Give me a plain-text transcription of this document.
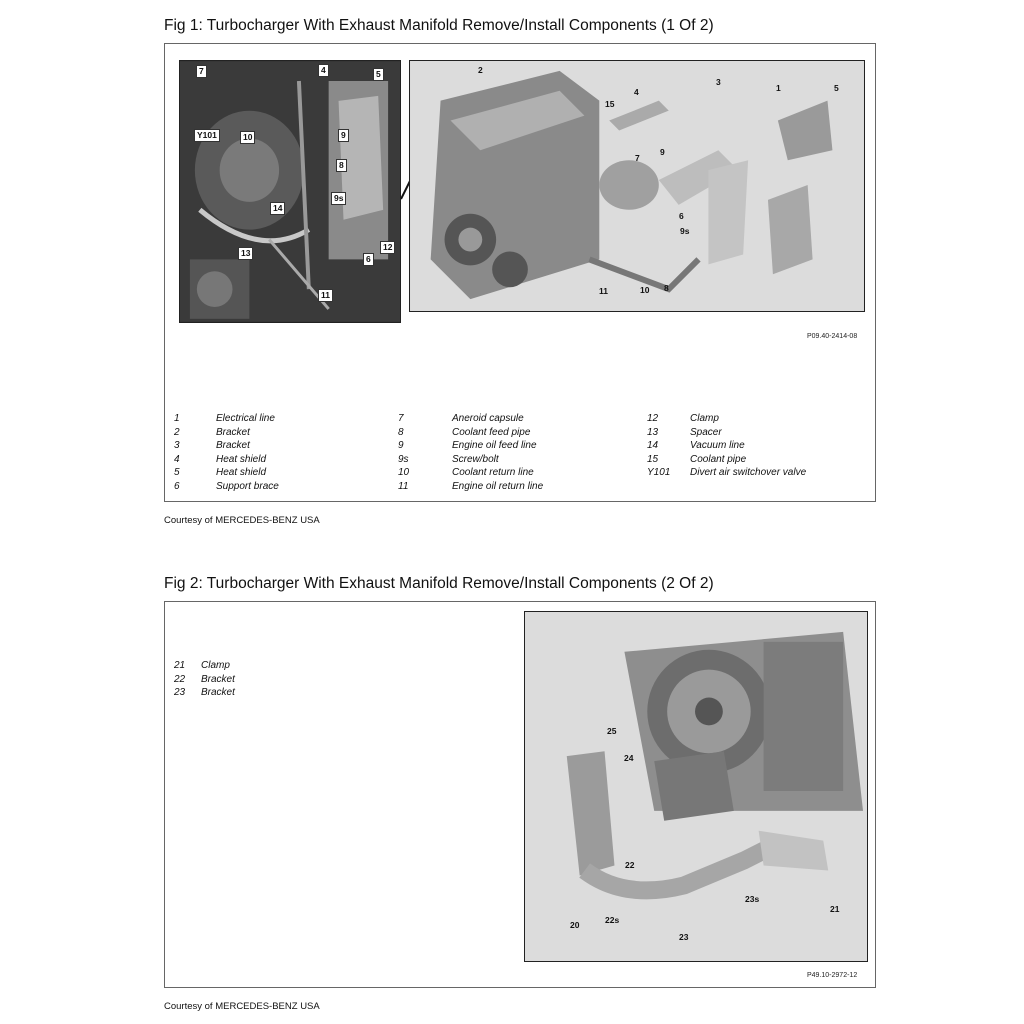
Fig 1: Turbocharger With Exhaust Manifold Remove/Install Components (1 Of 2)
7	4	5
Y101	10	9
8
9s
14
13
12
6
11
2
15
4
3
1	5
7
9
6
9s
11	10 8
P09.40-2414-08
1	Electrical line
2	Bracket
3	Bracket
4	Heat shield
5	Heat shield
6	Support brace
7	Aneroid capsule
8	Coolant feed pipe
9	Engine oil feed line
9s	Screw/bolt
10	Coolant return line
11	Engine oil return line
12	Clamp
13	Spacer
14	Vacuum line
15	Coolant pipe
Y101 Divert air switchover valve
Courtesy of MERCEDES-BENZ USA
Fig 2: Turbocharger With Exhaust Manifold Remove/Install Components (2 Of 2)
21 Clamp
22 Bracket
23 Bracket
25
24
22
23s
21
20	22s
23
P49.10-2972-12
Courtesy of MERCEDES-BENZ USA
